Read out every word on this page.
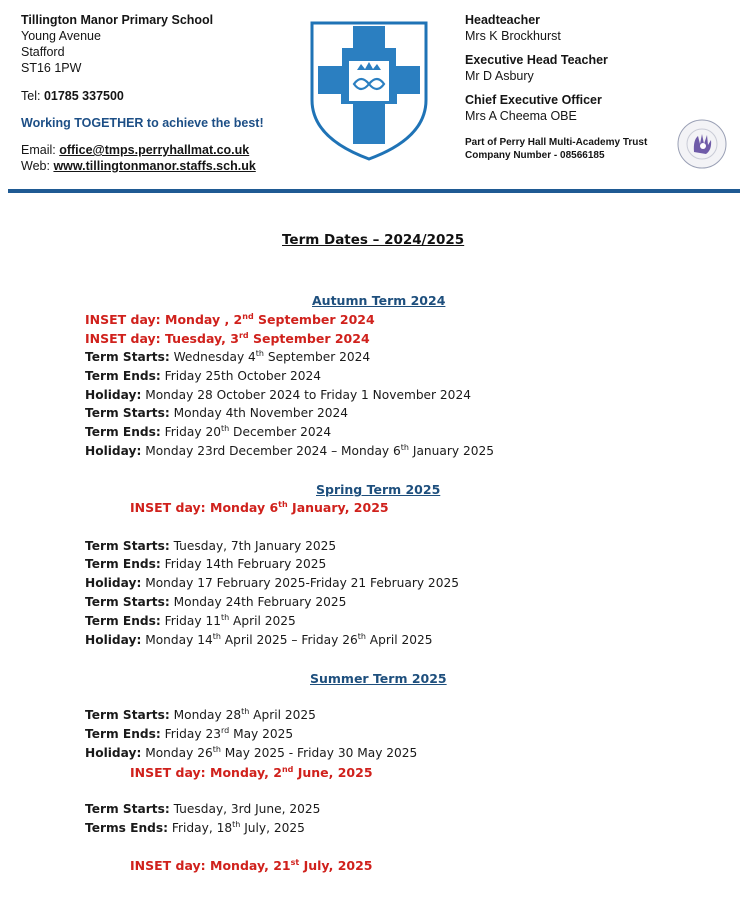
Tillington Manor Primary School
Young Avenue
Stafford
ST16 1PW
Tel: 01785 337500
Working TOGETHER to achieve the best!
Email: office@tmps.perryhallmat.co.uk
Web: www.tillingtonmanor.staffs.sch.uk
Headteacher
Mrs K Brockhurst
Executive Head Teacher
Mr D Asbury
Chief Executive Officer
Mrs A Cheema OBE
Part of Perry Hall Multi-Academy Trust
Company Number - 08566185
Term Dates – 2024/2025
Autumn Term 2024
INSET day: Monday , 2nd September 2024
INSET day: Tuesday, 3rd September 2024
Term Starts: Wednesday 4th September 2024
Term Ends: Friday 25th October 2024
Holiday: Monday 28 October 2024 to Friday 1 November 2024
Term Starts: Monday 4th November 2024
Term Ends: Friday 20th December 2024
Holiday: Monday 23rd December 2024 – Monday 6th January 2025
Spring Term 2025
INSET day: Monday 6th January, 2025
Term Starts: Tuesday, 7th January 2025
Term Ends: Friday 14th February 2025
Holiday: Monday 17 February 2025-Friday 21 February 2025
Term Starts: Monday 24th February 2025
Term Ends: Friday 11th April 2025
Holiday: Monday 14th April 2025 – Friday 26th April 2025
Summer Term 2025
Term Starts: Monday 28th April 2025
Term Ends: Friday 23rd May 2025
Holiday: Monday 26th May 2025 - Friday 30 May 2025
INSET day: Monday, 2nd June, 2025
Term Starts: Tuesday, 3rd June, 2025
Terms Ends: Friday, 18th July, 2025
INSET day: Monday, 21st July, 2025
